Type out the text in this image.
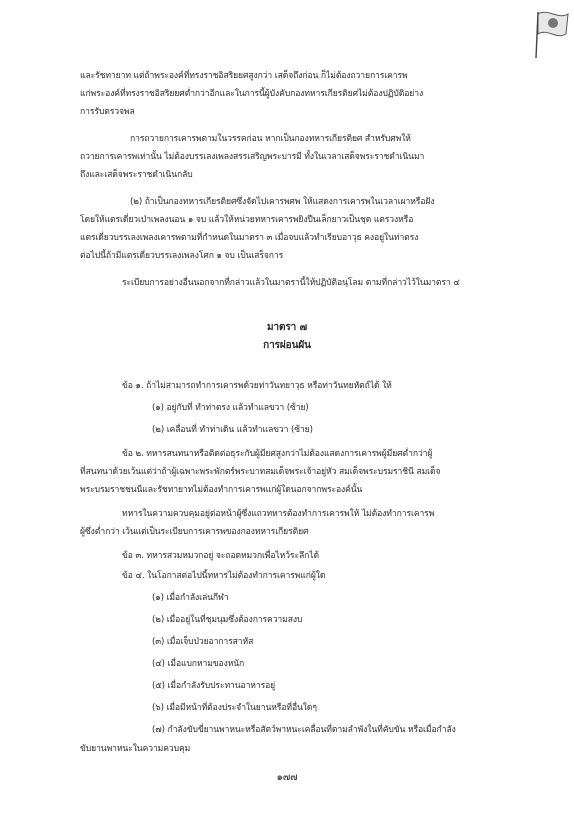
และรัชทายาท แต่ถ้าพระองค์ที่ทรงราชอิสริยยศสูงกว่า เสด็จถึงก่อน ก็ไม่ต้องถวายการเคารพ
แก่พระองค์ที่ทรงราชอิสริยยศต่ำกว่าอีกและในการนี้ผู้บังคับกองทหารเกียรติยศไม่ต้องปฏิบัติอย่าง
การรับตรวจพล
การถวายการเคารพตามในวรรคก่อน หากเป็นกองทหารเกียรติยศ สำหรับศพให้
ถวายการเคารพเท่านั้น ไม่ต้องบรรเลงเพลงสรรเสริญพระบารมี ทั้งในเวลาเสด็จพระราชดำเนินมา
ถึงและเสด็จพระราชดำเนินกลับ
(๒) ถ้าเป็นกองทหารเกียรติยศซึ่งจัดไปเคารพศพ ให้แสดงการเคารพในเวลาเผาหรือฝัง
โดยให้แตรเดี่ยวเป่าเพลงนอน ๑ จบ แล้วให้หน่วยทหารเคารพยิงปืนเล็กยาวเป็นชุด แตรวงหรือ
แตรเดี่ยวบรรเลงเพลงเคารพตามที่กำหนดในมาตรา ๓ เมื่อจบแล้วทำเรียบอาวุธ คงอยู่ในท่าตรง
ต่อไปนี้ถ้ามีแตรเดี่ยวบรรเลงเพลงโศก ๑ จบ เป็นเสร็จการ
ระเบียบการอย่างอื่นนอกจากที่กล่าวแล้วในมาตรานี้ให้ปฏิบัติอนุโลม ตามที่กล่าวไว้ในมาตรา ๔
มาตรา ๗
การผ่อนผัน
ข้อ ๑. ถ้าไม่สามารถทำการเคารพด้วยท่าวันทยาวุธ หรือท่าวันทยหัตถ์ได้ ให้
(๑) อยู่กับที่ ทำท่าตรง แล้วทำแลขวา (ซ้าย)
(๒) เคลื่อนที่ ทำท่าเดิน แล้วทำแลขวา (ซ้าย)
ข้อ ๒. ทหารสนทนาหรือติดต่อธุระกับผู้มียศสูงกว่าไม่ต้องแสดงการเคารพผู้มียศต่ำกว่าผู้
ที่สนทนาด้วยเว้นแต่ว่าถ้าผู้เฉพาะพระพักตร์พระบาทสมเด็จพระเจ้าอยู่หัว สมเด็จพระบรมราชินี สมเด็จ
พระบรมราชชนนีและรัชทายาทไม่ต้องทำการเคารพแก่ผู้ใดนอกจากพระองค์นั้น
ทหารในความควบคุมอยู่ต่อหน้าผู้ซึ่งแถวทหารต้องทำการเคารพให้ ไม่ต้องทำการเคารพ
ผู้ซึ่งต่ำกว่า เว้นแต่เป็นระเบียบการเคารพของกองทหารเกียรติยศ
ข้อ ๓. ทหารสวมหมวกอยู่ จะถอดหมวกเพื่อไหว้ระลึกได้
ข้อ ๔. ในโอกาสต่อไปนี้ทหารไม่ต้องทำการเคารพแก่ผู้ใด
(๑) เมื่อกำลังเล่นกีฬา
(๒) เมื่ออยู่ในที่ชุมนุมซึ่งต้องการความสงบ
(๓) เมื่อเจ็บป่วยอาการสาหัส
(๔) เมื่อแบกหามของหนัก
(๕) เมื่อกำลังรับประทานอาหารอยู่
(๖) เมื่อมีหน้าที่ต้องประจำในยานหรือที่อื่นใดๆ
(๗) กำลังขับขี่ยานพาหนะหรือสัตว์พาหนะเคลื่อนที่ตามลำพังในที่คับขัน หรือเมื่อกำลัง
ขับยานพาหนะในความควบคุม
๑๗๗
